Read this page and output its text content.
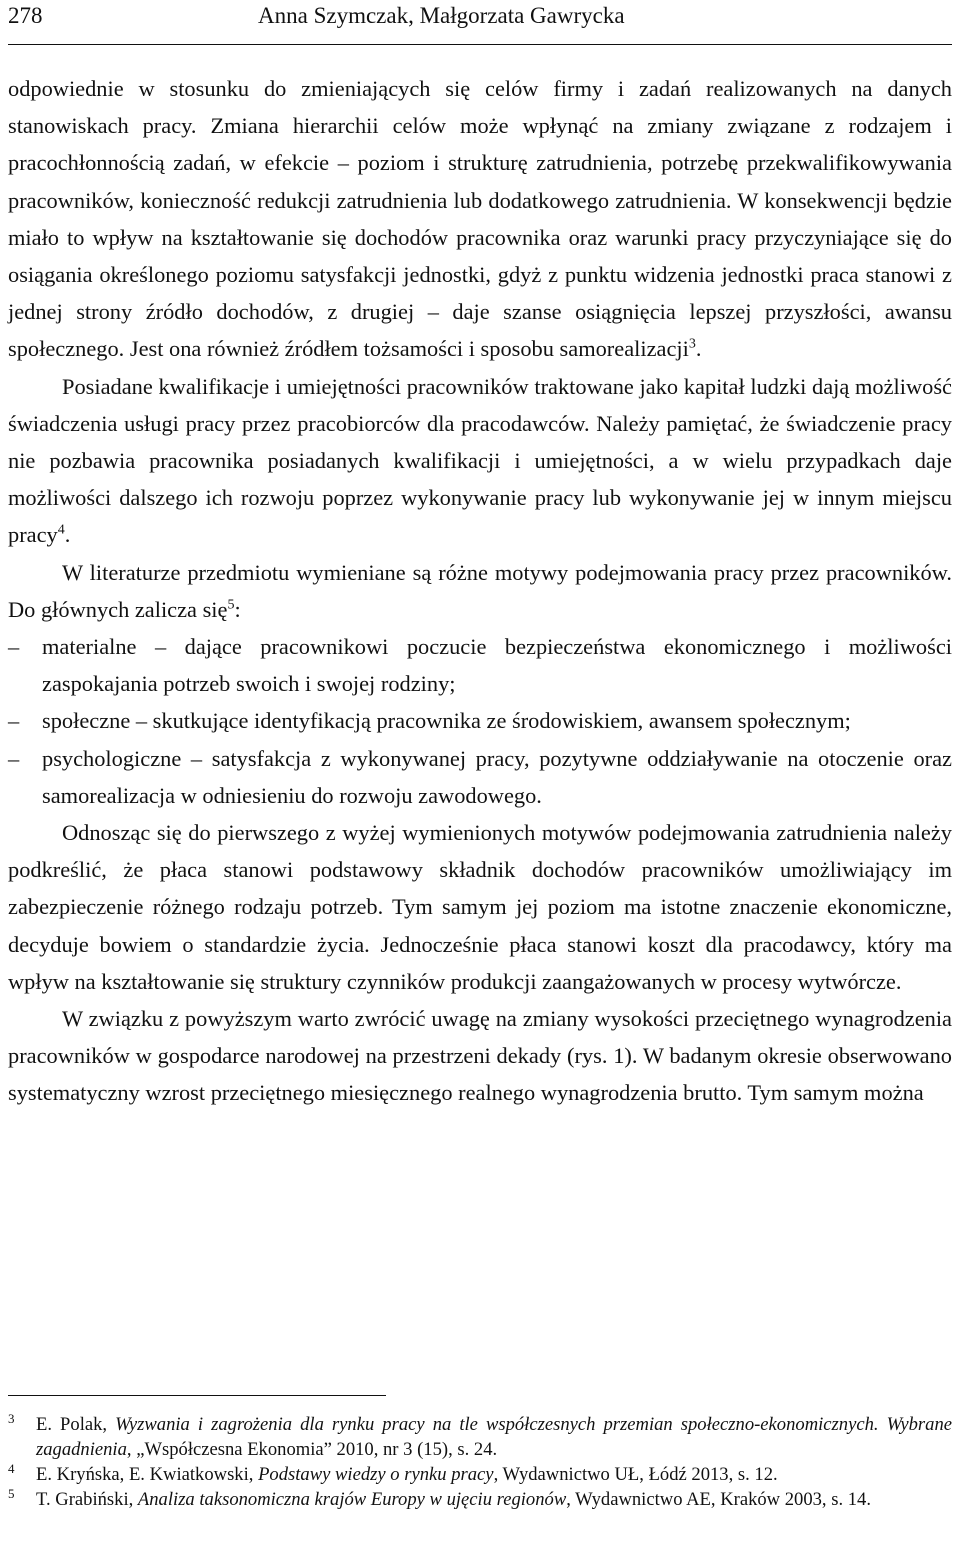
278	Anna Szymczak, Małgorzata Gawrycka

odpowiednie w stosunku do zmieniających się celów firmy i zadań realizowanych na danych stanowiskach pracy. Zmiana hierarchii celów może wpłynąć na zmiany związane z rodzajem i pracochłonnością zadań, w efekcie – poziom i strukturę zatrudnienia, potrzebę przekwalifikowywania pracowników, konieczność redukcji zatrudnienia lub dodatkowego zatrudnienia. W konsekwencji będzie miało to wpływ na kształtowanie się dochodów pracownika oraz warunki pracy przyczyniające się do osiągania określonego poziomu satysfakcji jednostki, gdyż z punktu widzenia jednostki praca stanowi z jednej strony źródło dochodów, z drugiej – daje szanse osiągnięcia lepszej przyszłości, awansu społecznego. Jest ona również źródłem tożsamości i sposobu samorealizacji$^3$.

Posiadane kwalifikacje i umiejętności pracowników traktowane jako kapitał ludzki dają możliwość świadczenia usługi pracy przez pracobiorców dla pracodawców. Należy pamiętać, że świadczenie pracy nie pozbawia pracownika posiadanych kwalifikacji i umiejętności, a w wielu przypadkach daje możliwości dalszego ich rozwoju poprzez wykonywanie pracy lub wykonywanie jej w innym miejscu pracy$^4$.

W literaturze przedmiotu wymieniane są różne motywy podejmowania pracy przez pracowników. Do głównych zalicza się$^5$:

–	materialne – dające pracownikowi poczucie bezpieczeństwa ekonomicznego i możliwości zaspokajania potrzeb swoich i swojej rodziny;
–	społeczne – skutkujące identyfikacją pracownika ze środowiskiem, awansem społecznym;
–	psychologiczne – satysfakcja z wykonywanej pracy, pozytywne oddziaływanie na otoczenie oraz samorealizacja w odniesieniu do rozwoju zawodowego.

Odnosząc się do pierwszego z wyżej wymienionych motywów podejmowania zatrudnienia należy podkreślić, że płaca stanowi podstawowy składnik dochodów pracowników umożliwiający im zabezpieczenie różnego rodzaju potrzeb. Tym samym jej poziom ma istotne znaczenie ekonomiczne, decyduje bowiem o standardzie życia. Jednocześnie płaca stanowi koszt dla pracodawcy, który ma wpływ na kształtowanie się struktury czynników produkcji zaangażowanych w procesy wytwórcze.

W związku z powyższym warto zwrócić uwagę na zmiany wysokości przeciętnego wynagrodzenia pracowników w gospodarce narodowej na przestrzeni dekady (rys. 1). W badanym okresie obserwowano systematyczny wzrost przeciętnego miesięcznego realnego wynagrodzenia brutto. Tym samym można

3 E. Polak, Wyzwania i zagrożenia dla rynku pracy na tle współczesnych przemian społeczno-ekonomicznych. Wybrane zagadnienia, „Współczesna Ekonomia” 2010, nr 3 (15), s. 24.

4 E. Kryńska, E. Kwiatkowski, Podstawy wiedzy o rynku pracy, Wydawnictwo UŁ, Łódź 2013, s. 12.

5 T. Grabiński, Analiza taksonomiczna krajów Europy w ujęciu regionów, Wydawnictwo AE, Kraków 2003, s. 14.
